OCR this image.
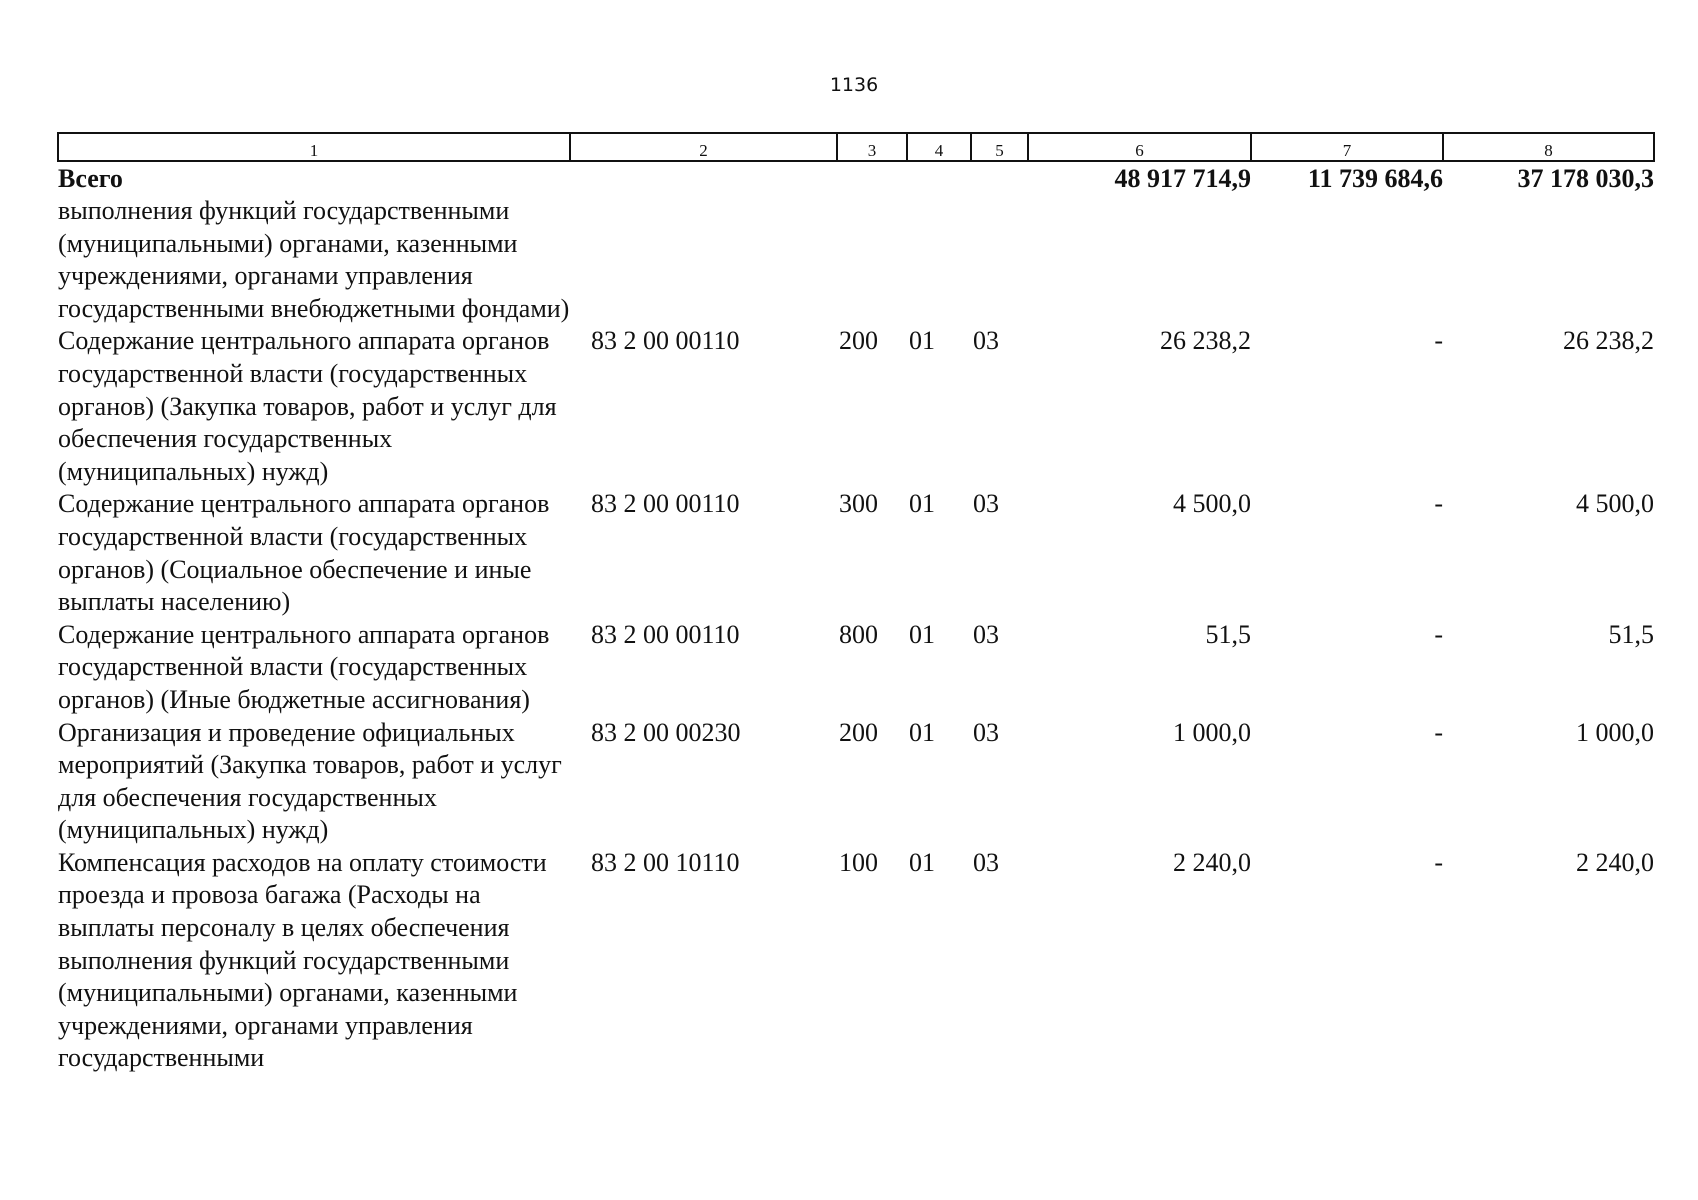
1136
1	2	3	4	5	6	7	8
Всего					48 917 714,9	11 739 684,6	37 178 030,3
выполнения функций государственными (муниципальными) органами, казенными учреждениями, органами управления государственными внебюджетными фондами)							
Содержание центрального аппарата органов государственной власти (государственных органов) (Закупка товаров, работ и услуг для обеспечения государственных (муниципальных) нужд)	83 2 00 00110	200	01	03	26 238,2	-	26 238,2
Содержание центрального аппарата органов государственной власти (государственных органов) (Социальное обеспечение и иные выплаты населению)	83 2 00 00110	300	01	03	4 500,0	-	4 500,0
Содержание центрального аппарата органов государственной власти (государственных органов) (Иные бюджетные ассигнования)	83 2 00 00110	800	01	03	51,5	-	51,5
Организация и проведение официальных мероприятий (Закупка товаров, работ и услуг для обеспечения государственных (муниципальных) нужд)	83 2 00 00230	200	01	03	1 000,0	-	1 000,0
Компенсация расходов на оплату стоимости проезда и провоза багажа (Расходы на выплаты персоналу в целях обеспечения выполнения функций государственными (муниципальными) органами, казенными учреждениями, органами управления государственными	83 2 00 10110	100	01	03	2 240,0	-	2 240,0
